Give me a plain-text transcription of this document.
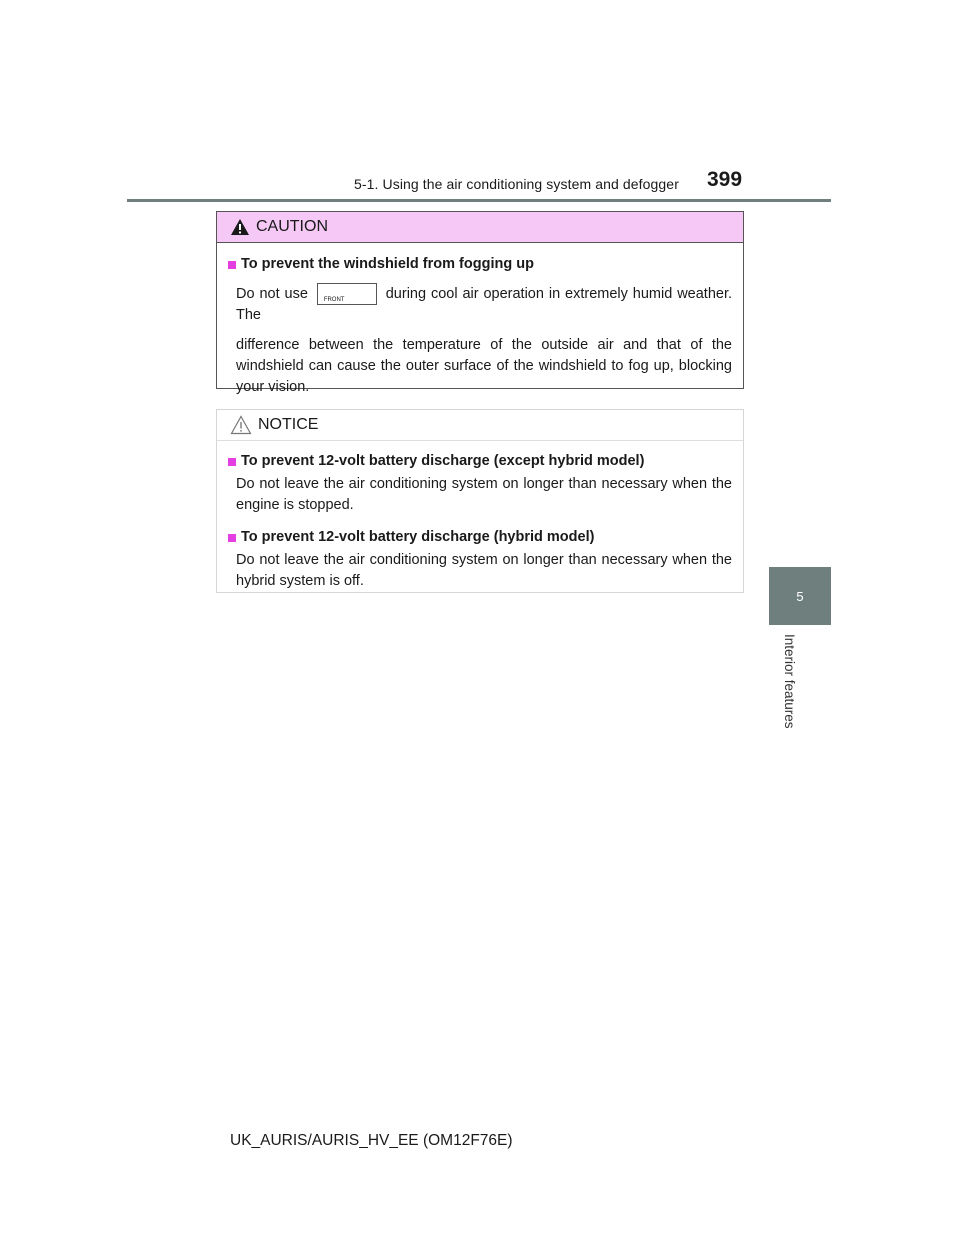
5-1. Using the air conditioning system and defogger 399
5
Interior features
CAUTION
To prevent the windshield from fogging up
Do not use	FRONT	during cool air operation in extremely humid weather. The
difference between the temperature of the outside air and that of the windshield can cause the outer surface of the windshield to fog up, blocking your vision.
NOTICE
To prevent 12-volt battery discharge (except hybrid model)
Do not leave the air conditioning system on longer than necessary when the engine is stopped.
To prevent 12-volt battery discharge (hybrid model)
Do not leave the air conditioning system on longer than necessary when the hybrid system is off.
UK_AURIS/AURIS_HV_EE (OM12F76E)
